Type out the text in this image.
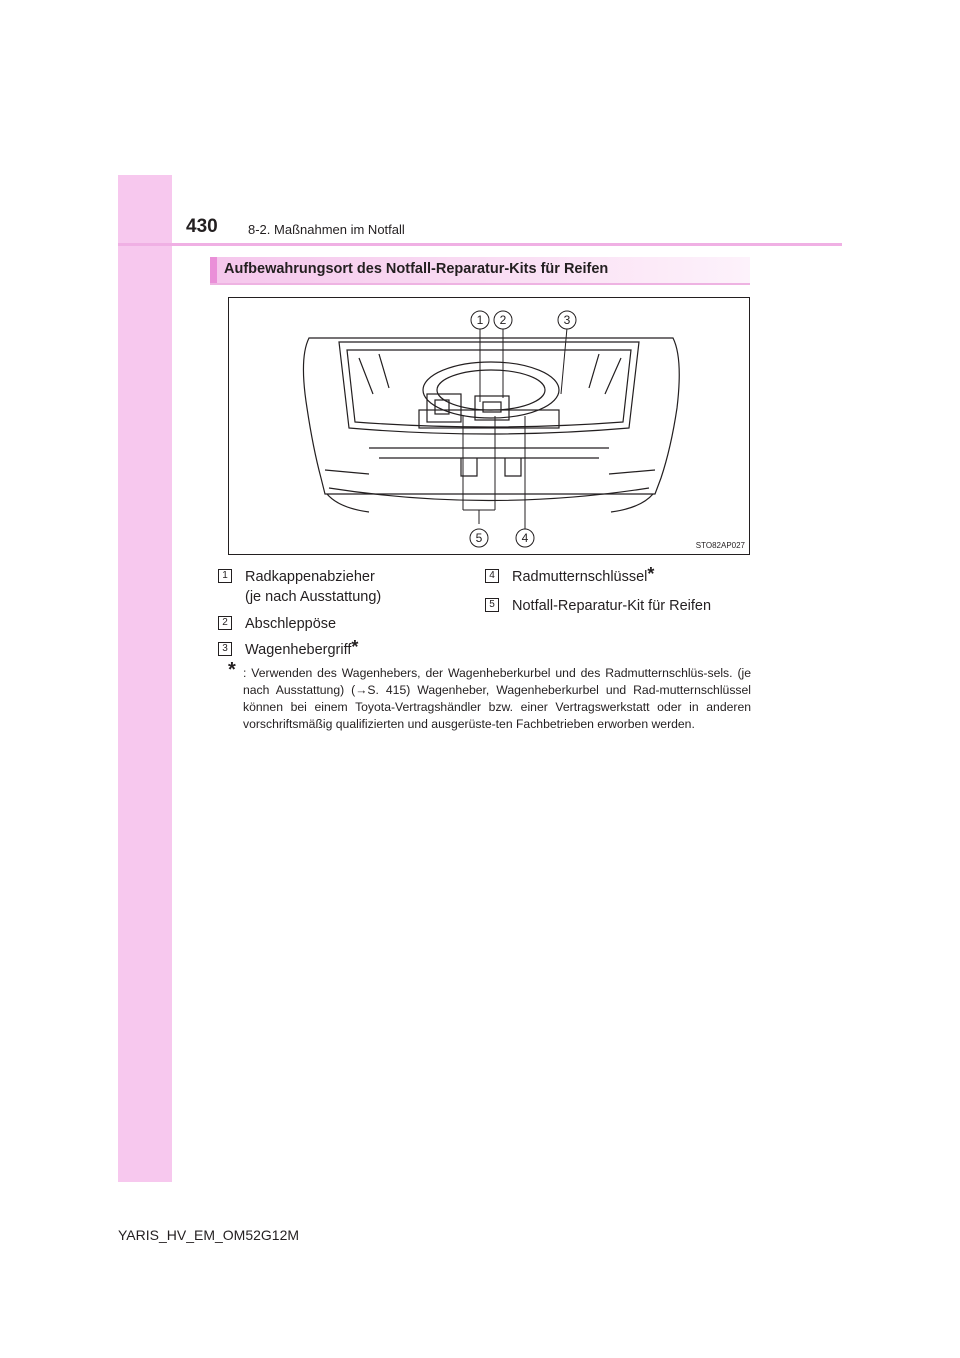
430 8-2. Maßnahmen im Notfall
Aufbewahrungsort des Notfall-Reparatur-Kits für Reifen
1 2	3
4
5
STO82AP027
1 Radkappenabzieher
(je nach Ausstattung)
2 Abschleppöse
3 Wagenhebergriff*
4 Radmutternschlüssel*
5 Notfall-Reparatur-Kit für Reifen
* : Verwenden des Wagenhebers, der Wagenheberkurbel und des Radmutternschlüs-sels. (je nach Ausstattung) (→S. 415) Wagenheber, Wagenheberkurbel und Rad-mutternschlüssel können bei einem Toyota-Vertragshändler bzw. einer Vertragswerkstatt oder in anderen vorschriftsmäßig qualifizierten und ausgerüste-ten Fachbetrieben erworben werden.
YARIS_HV_EM_OM52G12M
